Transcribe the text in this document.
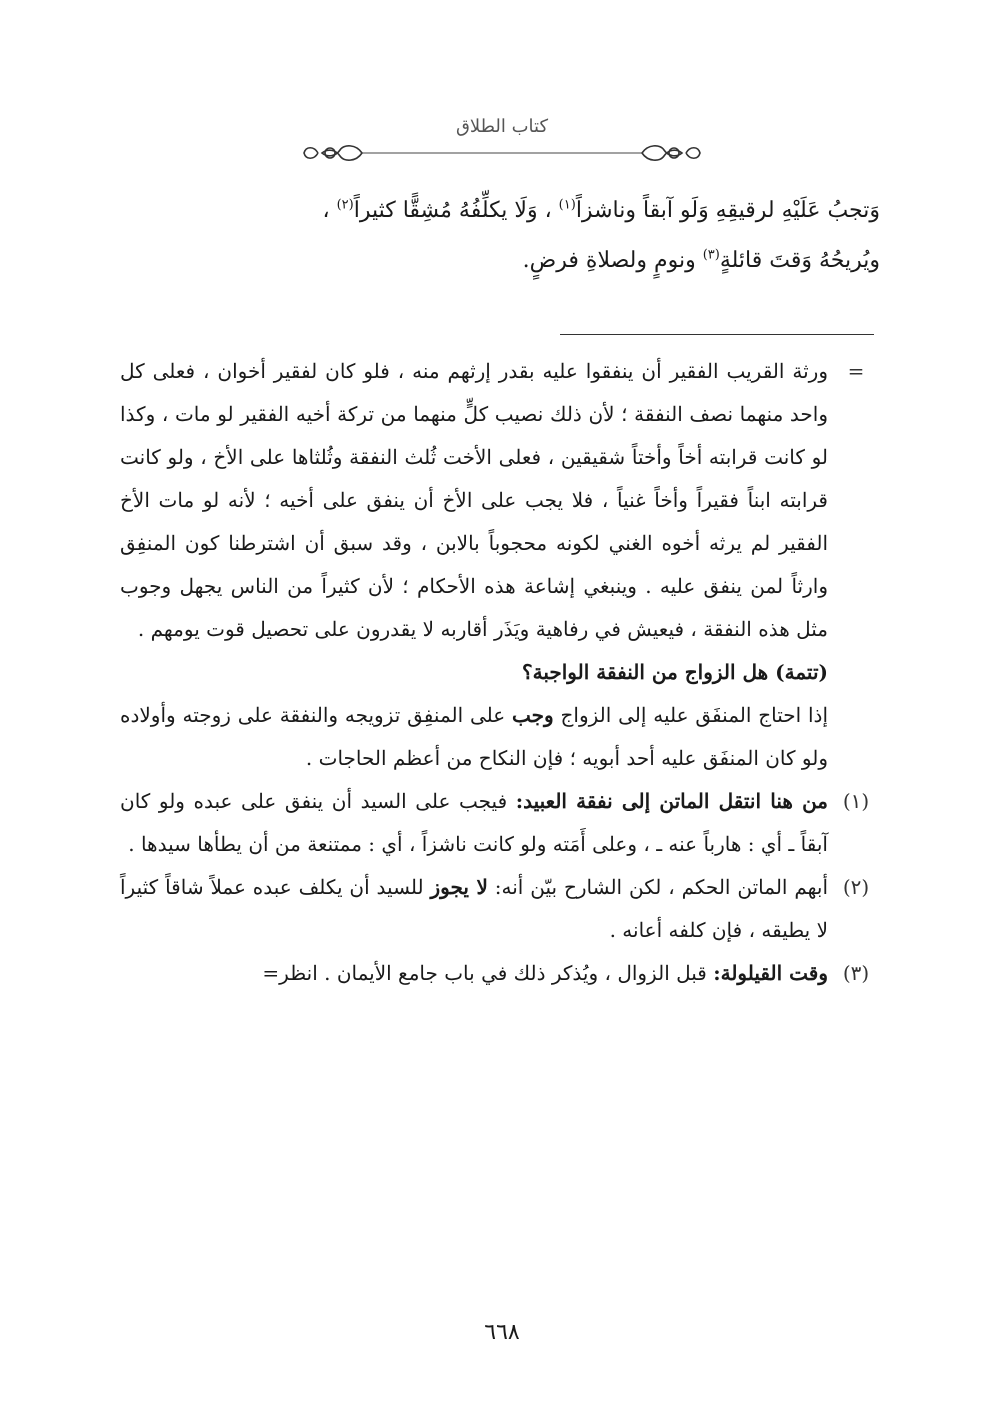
كتاب الطلاق

وَتجبُ عَلَيْهِ لرقيقِهِ وَلَو آبقاً وناشزاً$^{(١)}$ ، وَلَا يكلِّفُهُ مُشِقًّا كثيراً$^{(٢)}$ ،

ويُريحُهُ وَقتَ قائلةٍ$^{(٣)}$ ونومٍ ولصلاةِ فرضٍ.

=
ورثة القريب الفقير أن ينفقوا عليه بقدر إرثهم منه ، فلو كان لفقير أخوان ، فعلى كل واحد منهما نصف النفقة ؛ لأن ذلك نصيب كلٍّ منهما من تركة أخيه الفقير لو مات ، وكذا لو كانت قرابته أخاً وأختاً شقيقين ، فعلى الأخت ثُلث النفقة وثُلثاها على الأخ ، ولو كانت قرابته ابناً فقيراً وأخاً غنياً ، فلا يجب على الأخ أن ينفق على أخيه ؛ لأنه لو مات الأخ الفقير لم يرثه أخوه الغني لكونه محجوباً بالابن ، وقد سبق أن اشترطنا كون المنفِق وارثاً لمن ينفق عليه . وينبغي إشاعة هذه الأحكام ؛ لأن كثيراً من الناس يجهل وجوب مثل هذه النفقة ، فيعيش في رفاهية ويَذَر أقاربه لا يقدرون على تحصيل قوت يومهم .

(تتمة) هل الزواج من النفقة الواجبة؟

إذا احتاج المنفَق عليه إلى الزواج وجب على المنفِق تزويجه والنفقة على زوجته وأولاده ولو كان المنفَق عليه أحد أبويه ؛ فإن النكاح من أعظم الحاجات .

(١)
من هنا انتقل الماتن إلى نفقة العبيد: فيجب على السيد أن ينفق على عبده ولو كان آبقاً ـ أي : هارباً عنه ـ ، وعلى أَمَته ولو كانت ناشزاً ، أي : ممتنعة من أن يطأها سيدها .
(٢)
أبهم الماتن الحكم ، لكن الشارح بيّن أنه: لا يجوز للسيد أن يكلف عبده عملاً شاقاً كثيراً لا يطيقه ، فإن كلفه أعانه .
(٣)
وقت القيلولة: قبل الزوال ، ويُذكر ذلك في باب جامع الأيمان . انظر=
٦٦٨
